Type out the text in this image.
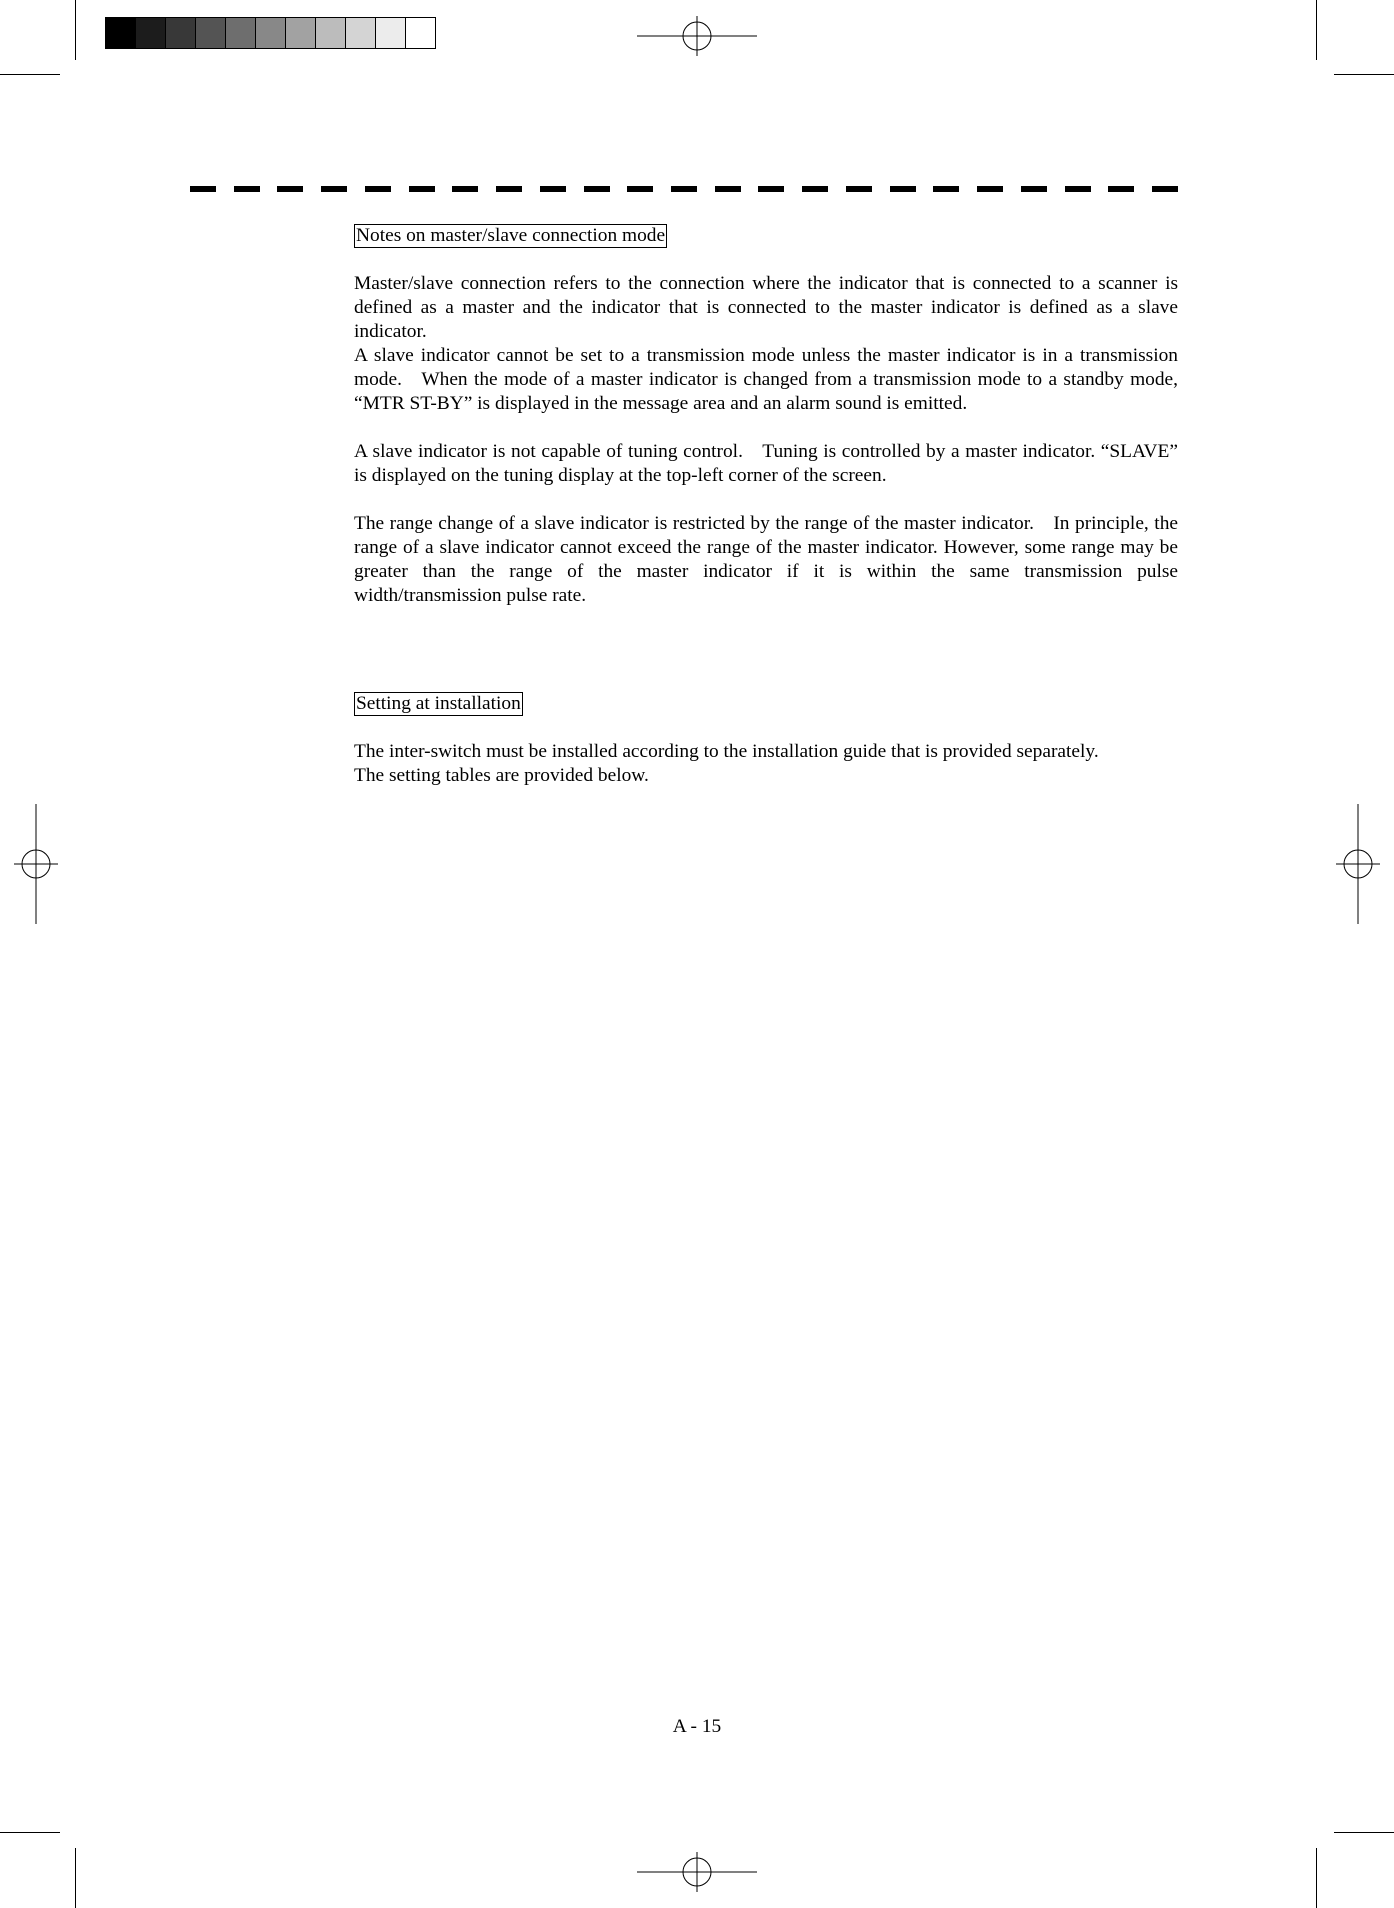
Notes on master/slave connection mode

Master/slave connection refers to the connection where the indicator that is connected to a scanner is defined as a master and the indicator that is connected to the master indicator is defined as a slave indicator.

A slave indicator cannot be set to a transmission mode unless the master indicator is in a transmission mode. When the mode of a master indicator is changed from a transmission mode to a standby mode, “MTR ST-BY” is displayed in the message area and an alarm sound is emitted.

A slave indicator is not capable of tuning control. Tuning is controlled by a master indicator. “SLAVE” is displayed on the tuning display at the top-left corner of the screen.

The range change of a slave indicator is restricted by the range of the master indicator. In principle, the range of a slave indicator cannot exceed the range of the master indicator. However, some range may be greater than the range of the master indicator if it is within the same transmission pulse width/transmission pulse rate.

Setting at installation

The inter-switch must be installed according to the installation guide that is provided separately.

The setting tables are provided below.

A - 15
